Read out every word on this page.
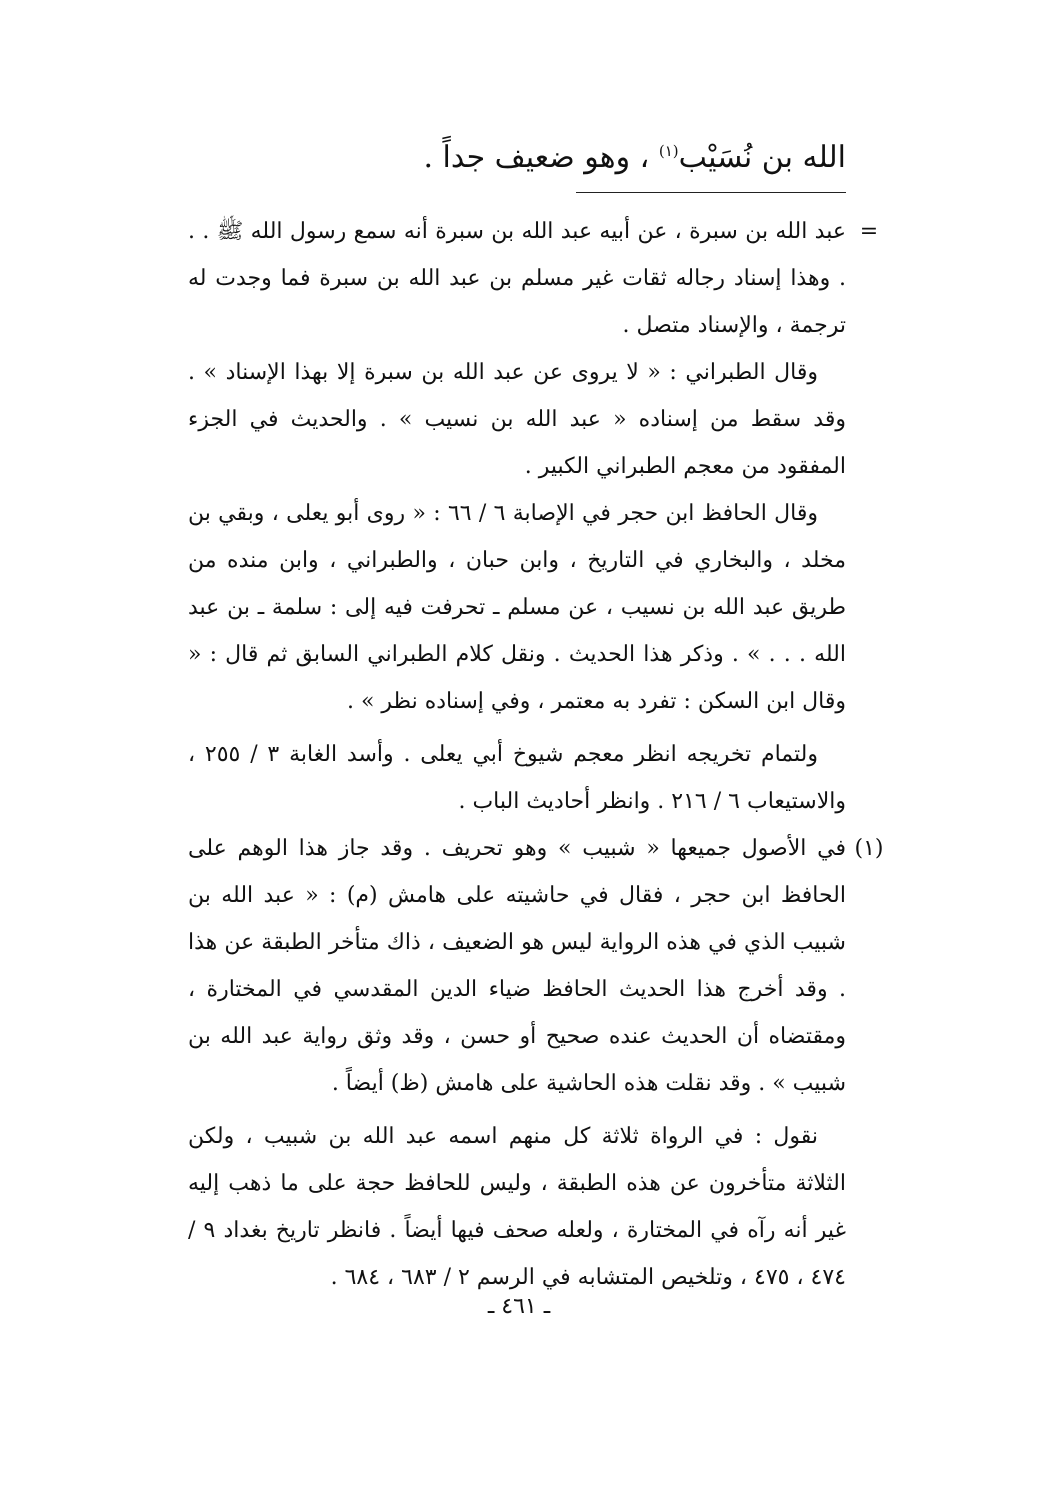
الله بن نُسَيْب$^{(١)}$ ، وهو ضعيف جداً .
=
عبد الله بن سبرة ، عن أبيه عبد الله بن سبرة أنه سمع رسول الله ﷺ . . . وهذا إسناد رجاله ثقات غير مسلم بن عبد الله بن سبرة فما وجدت له ترجمة ، والإسناد متصل .
وقال الطبراني : « لا يروى عن عبد الله بن سبرة إلا بهذا الإسناد » . وقد سقط من إسناده « عبد الله بن نسيب » . والحديث في الجزء المفقود من معجم الطبراني الكبير .
وقال الحافظ ابن حجر في الإصابة ٦ / ٦٦ : « روى أبو يعلى ، وبقي بن مخلد ، والبخاري في التاريخ ، وابن حبان ، والطبراني ، وابن منده من طريق عبد الله بن نسيب ، عن مسلم ـ تحرفت فيه إلى : سلمة ـ بن عبد الله . . . » . وذكر هذا الحديث . ونقل كلام الطبراني السابق ثم قال : « وقال ابن السكن : تفرد به معتمر ، وفي إسناده نظر » .
ولتمام تخريجه انظر معجم شيوخ أبي يعلى . وأسد الغابة ٣ / ٢٥٥ ، والاستيعاب ٦ / ٢١٦ . وانظر أحاديث الباب .
(١)
في الأصول جميعها « شبيب » وهو تحريف . وقد جاز هذا الوهم على الحافظ ابن حجر ، فقال في حاشيته على هامش (م) : « عبد الله بن شبيب الذي في هذه الرواية ليس هو الضعيف ، ذاك متأخر الطبقة عن هذا . وقد أخرج هذا الحديث الحافظ ضياء الدين المقدسي في المختارة ، ومقتضاه أن الحديث عنده صحيح أو حسن ، وقد وثق رواية عبد الله بن شبيب » . وقد نقلت هذه الحاشية على هامش (ظ) أيضاً .
نقول : في الرواة ثلاثة كل منهم اسمه عبد الله بن شبيب ، ولكن الثلاثة متأخرون عن هذه الطبقة ، وليس للحافظ حجة على ما ذهب إليه غير أنه رآه في المختارة ، ولعله صحف فيها أيضاً . فانظر تاريخ بغداد ٩ / ٤٧٤ ، ٤٧٥ ، وتلخيص المتشابه في الرسم ٢ / ٦٨٣ ، ٦٨٤ .
ـ ٤٦١ ـ
